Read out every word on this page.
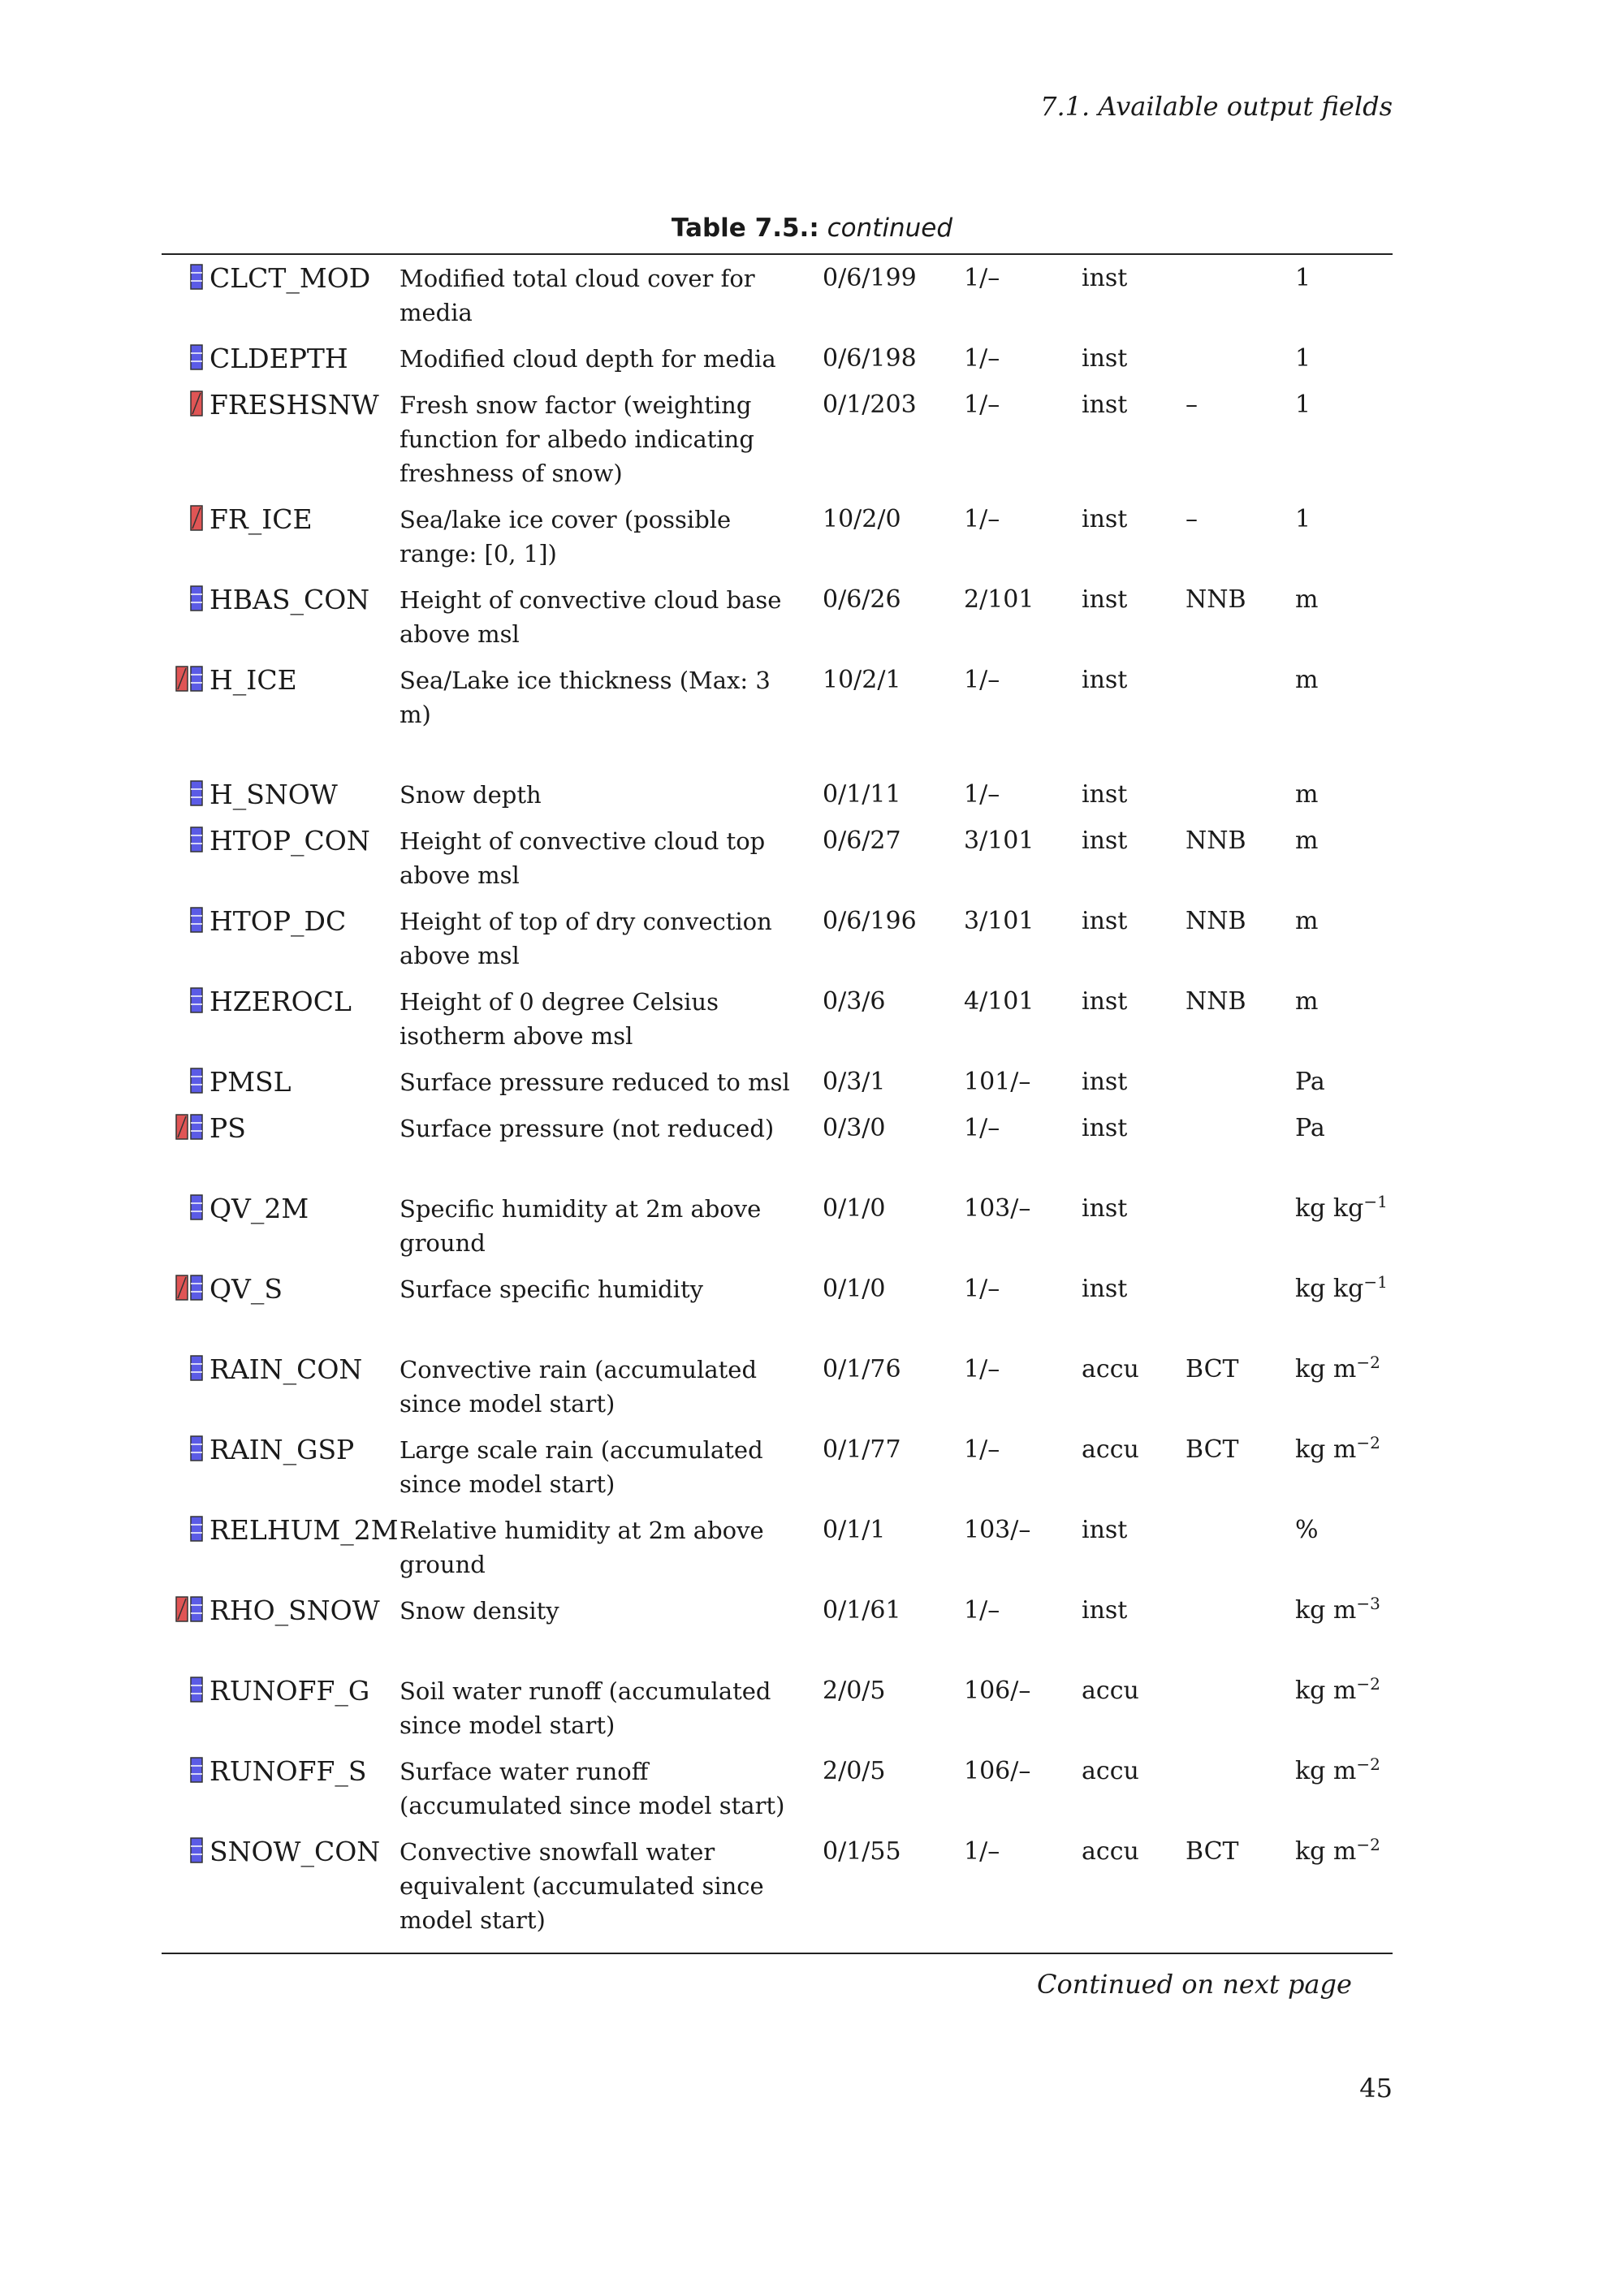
7.1. Available output fields
Table 7.5.: continued
	CLCT_MOD	Modified total cloud cover for media	0/6/199	1/–	inst		1
	CLDEPTH	Modified cloud depth for media	0/6/198	1/–	inst		1
	FRESHSNW	Fresh snow factor (weighting function for albedo indicating freshness of snow)	0/1/203	1/–	inst	–	1
	FR_ICE	Sea/lake ice cover (possible range: [0, 1])	10/2/0	1/–	inst	–	1
	HBAS_CON	Height of convective cloud base above msl	0/6/26	2/101	inst	NNB	m
	H_ICE	Sea/Lake ice thickness (Max: 3 m)	10/2/1	1/–	inst		m
	H_SNOW	Snow depth	0/1/11	1/–	inst		m
	HTOP_CON	Height of convective cloud top above msl	0/6/27	3/101	inst	NNB	m
	HTOP_DC	Height of top of dry convection above msl	0/6/196	3/101	inst	NNB	m
	HZEROCL	Height of 0 degree Celsius isotherm above msl	0/3/6	4/101	inst	NNB	m
	PMSL	Surface pressure reduced to msl	0/3/1	101/–	inst		Pa
	PS	Surface pressure (not reduced)	0/3/0	1/–	inst		Pa
	QV_2M	Specific humidity at 2m above ground	0/1/0	103/–	inst		kg $kg^{-1}$
	QV_S	Surface specific humidity	0/1/0	1/–	inst		kg $kg^{-1}$
	RAIN_CON	Convective rain (accumulated since model start)	0/1/76	1/–	accu	BCT	kg $m^{-2}$
	RAIN_GSP	Large scale rain (accumulated since model start)	0/1/77	1/–	accu	BCT	kg $m^{-2}$
	RELHUM_2M	Relative humidity at 2m above ground	0/1/1	103/–	inst		%
	RHO_SNOW	Snow density	0/1/61	1/–	inst		kg $m^{-3}$
	RUNOFF_G	Soil water runoff (accumulated since model start)	2/0/5	106/–	accu		kg $m^{-2}$
	RUNOFF_S	Surface water runoff (accumulated since model start)	2/0/5	106/–	accu		kg $m^{-2}$
	SNOW_CON	Convective snowfall water equivalent (accumulated since model start)	0/1/55	1/–	accu	BCT	kg $m^{-2}$
Continued on next page
45
